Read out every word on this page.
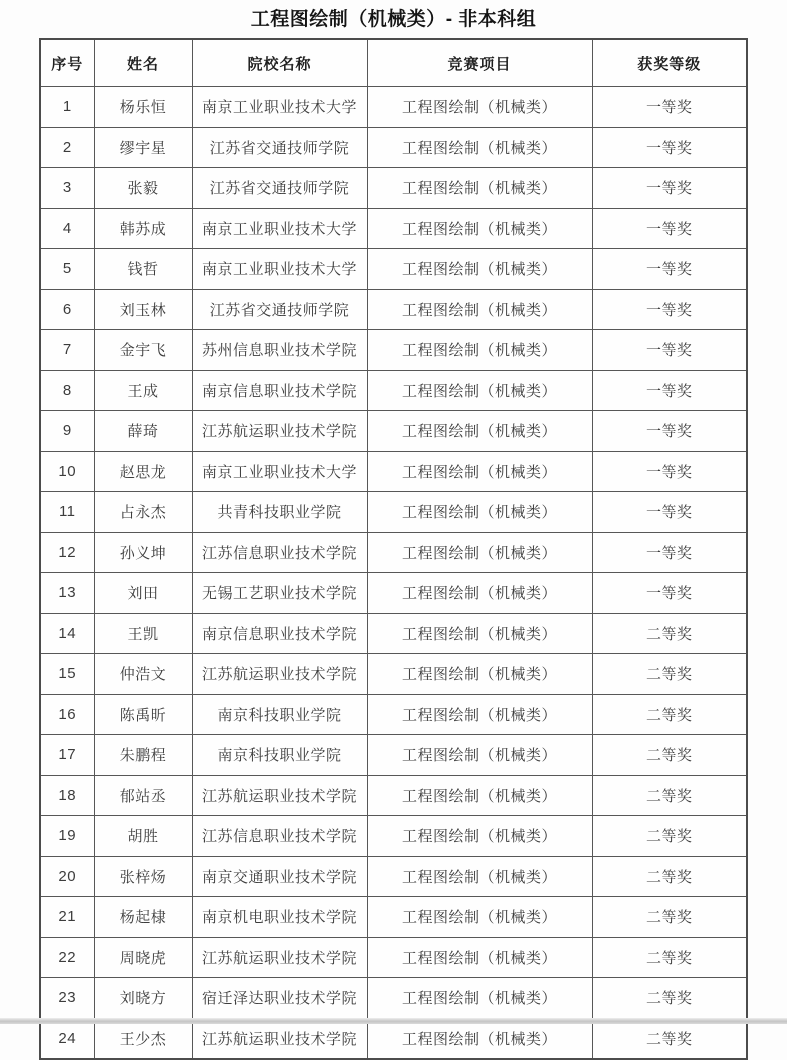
工程图绘制（机械类）- 非本科组
序号	姓名	院校名称	竞赛项目	获奖等级
1	杨乐恒	南京工业职业技术大学	工程图绘制（机械类）	一等奖
2	缪宇星	江苏省交通技师学院	工程图绘制（机械类）	一等奖
3	张毅	江苏省交通技师学院	工程图绘制（机械类）	一等奖
4	韩苏成	南京工业职业技术大学	工程图绘制（机械类）	一等奖
5	钱哲	南京工业职业技术大学	工程图绘制（机械类）	一等奖
6	刘玉林	江苏省交通技师学院	工程图绘制（机械类）	一等奖
7	金宇飞	苏州信息职业技术学院	工程图绘制（机械类）	一等奖
8	王成	南京信息职业技术学院	工程图绘制（机械类）	一等奖
9	薛琦	江苏航运职业技术学院	工程图绘制（机械类）	一等奖
10	赵思龙	南京工业职业技术大学	工程图绘制（机械类）	一等奖
11	占永杰	共青科技职业学院	工程图绘制（机械类）	一等奖
12	孙义坤	江苏信息职业技术学院	工程图绘制（机械类）	一等奖
13	刘田	无锡工艺职业技术学院	工程图绘制（机械类）	一等奖
14	王凯	南京信息职业技术学院	工程图绘制（机械类）	二等奖
15	仲浩文	江苏航运职业技术学院	工程图绘制（机械类）	二等奖
16	陈禹昕	南京科技职业学院	工程图绘制（机械类）	二等奖
17	朱鹏程	南京科技职业学院	工程图绘制（机械类）	二等奖
18	郁站丞	江苏航运职业技术学院	工程图绘制（机械类）	二等奖
19	胡胜	江苏信息职业技术学院	工程图绘制（机械类）	二等奖
20	张梓炀	南京交通职业技术学院	工程图绘制（机械类）	二等奖
21	杨起棣	南京机电职业技术学院	工程图绘制（机械类）	二等奖
22	周晓虎	江苏航运职业技术学院	工程图绘制（机械类）	二等奖
23	刘晓方	宿迁泽达职业技术学院	工程图绘制（机械类）	二等奖
24	王少杰	江苏航运职业技术学院	工程图绘制（机械类）	二等奖
